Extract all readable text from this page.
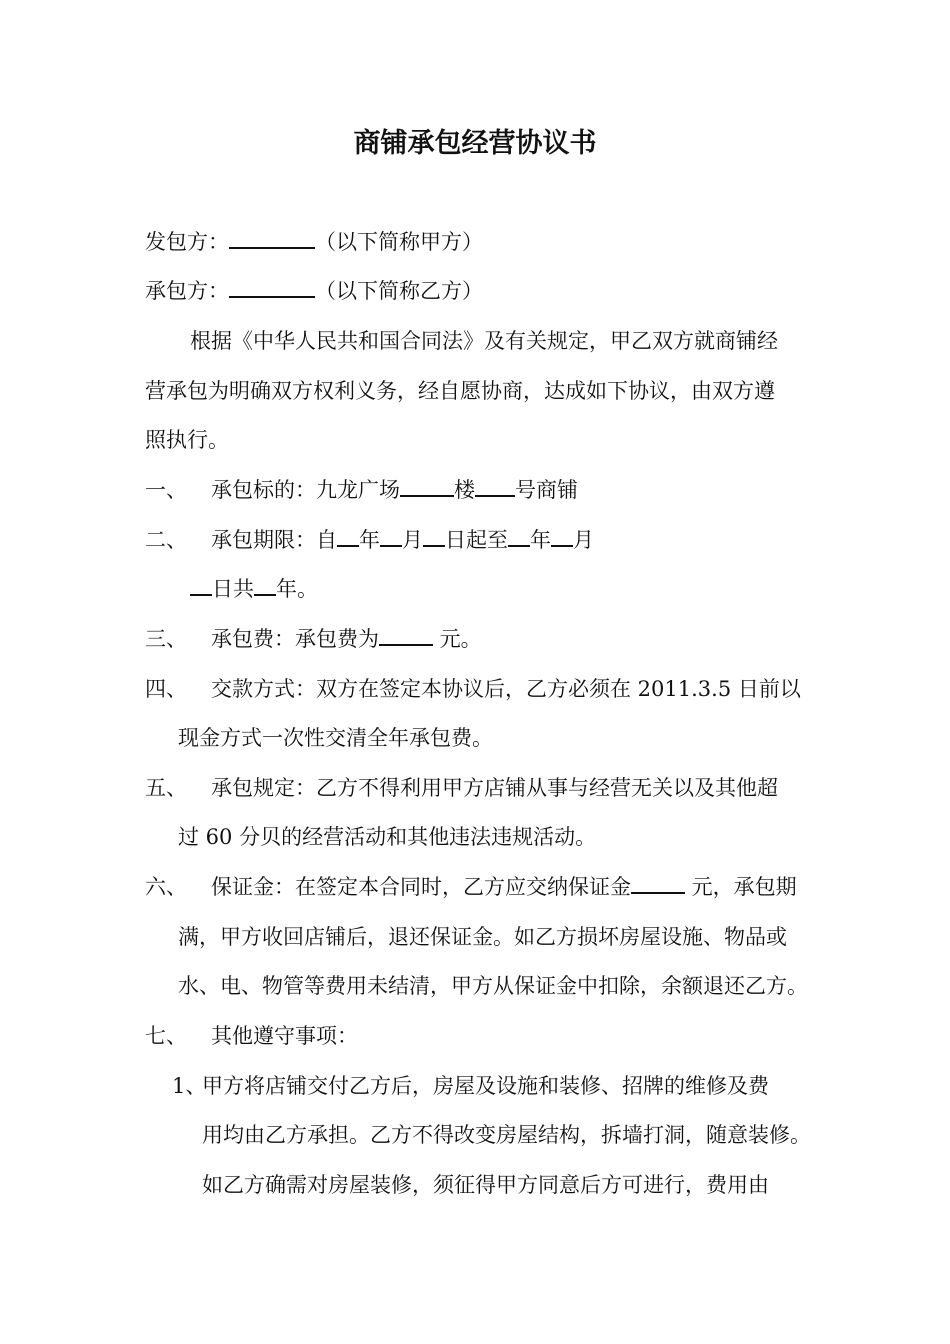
商铺承包经营协议书
发包方：	（以下简称甲方）
承包方：	（以下简称乙方）
根据《中华人民共和国合同法》及有关规定，甲乙双方就商铺经
营承包为明确双方权利义务，经自愿协商，达成如下协议，由双方遵
照执行。
一、 承包标的：九龙广场	楼 号商铺
二、 承包期限：自 年 月 日起至 年 月
日共 年。
三、 承包费：承包费为	元。
四、 交款方式：双方在签定本协议后，乙方必须在 2011.3.5 日前以
现金方式一次性交清全年承包费。
五、 承包规定：乙方不得利用甲方店铺从事与经营无关以及其他超
过 60 分贝的经营活动和其他违法违规活动。
六、 保证金：在签定本合同时，乙方应交纳保证金	元，承包期
满，甲方收回店铺后，退还保证金。如乙方损坏房屋设施、物品或
水、电、物管等费用未结清，甲方从保证金中扣除，余额退还乙方。
七、 其他遵守事项：
1、甲方将店铺交付乙方后，房屋及设施和装修、招牌的维修及费
用均由乙方承担。乙方不得改变房屋结构，拆墙打洞，随意装修。
如乙方确需对房屋装修，须征得甲方同意后方可进行，费用由
